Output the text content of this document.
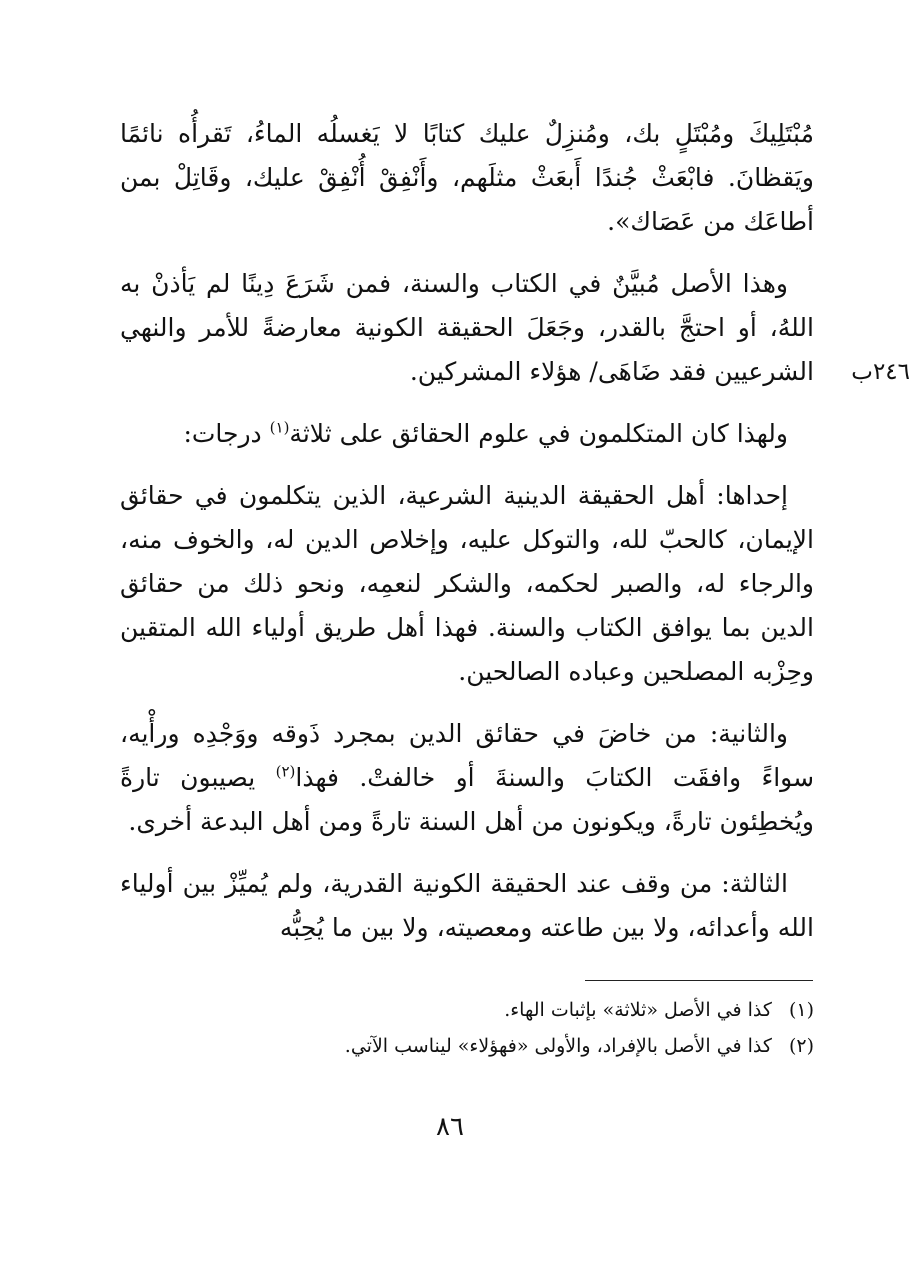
مُبْتَلِيكَ ومُبْتَلٍ بك، ومُنزِلٌ عليك كتابًا لا يَغسلُه الماءُ، تَقرأُه نائمًا ويَقظانَ. فابْعَثْ جُندًا أَبعَثْ مثلَهم، وأَنْفِقْ أُنْفِقْ عليك، وقَاتِلْ بمن أطاعَك من عَصَاك».

وهذا الأصل مُبيَّنٌ في الكتاب والسنة، فمن شَرَعَ دِينًا لم يَأذنْ به اللهُ، أو احتجَّ بالقدر، وجَعَلَ الحقيقة الكونية معارضةً للأمر والنهي الشرعيين فقد ضَاهَى/ هؤلاء المشركين. ٢٤٦ب

ولهذا كان المتكلمون في علوم الحقائق على ثلاثة$^{(١)}$ درجات:

إحداها: أهل الحقيقة الدينية الشرعية، الذين يتكلمون في حقائق الإيمان، كالحبّ لله، والتوكل عليه، وإخلاص الدين له، والخوف منه، والرجاء له، والصبر لحكمه، والشكر لنعمِه، ونحو ذلك من حقائق الدين بما يوافق الكتاب والسنة. فهذا أهل طريق أولياء الله المتقين وحِزْبه المصلحين وعباده الصالحين.

والثانية: من خاضَ في حقائق الدين بمجرد ذَوقه ووَجْدِه ورأْيه، سواءً وافقَت الكتابَ والسنةَ أو خالفتْ. فهذا$^{(٢)}$ يصيبون تارةً ويُخطِئون تارةً، ويكونون من أهل السنة تارةً ومن أهل البدعة أخرى.

الثالثة: من وقف عند الحقيقة الكونية القدرية، ولم يُميِّزْ بين أولياء الله وأعدائه، ولا بين طاعته ومعصيته، ولا بين ما يُحِبُّه

(١) كذا في الأصل «ثلاثة» بإثبات الهاء.
(٢) كذا في الأصل بالإفراد، والأولى «فهؤلاء» ليناسب الآتي.
٨٦
